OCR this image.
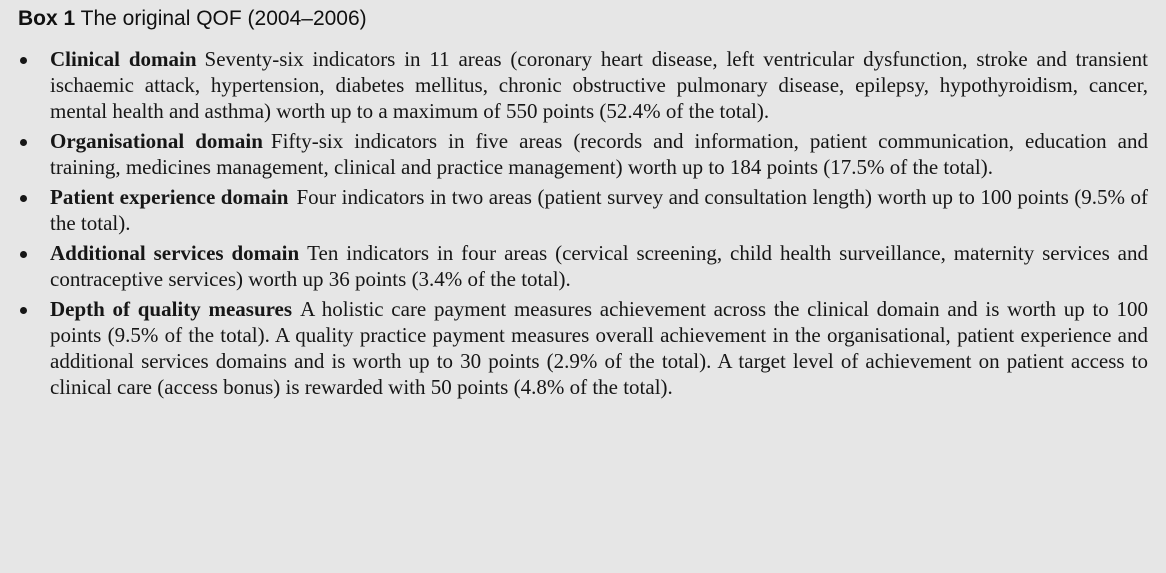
Box 1 The original QOF (2004–2006)
Clinical domain Seventy-six indicators in 11 areas (coronary heart disease, left ventricular dysfunction, stroke and transient ischaemic attack, hypertension, diabetes mellitus, chronic obstructive pulmonary disease, epilepsy, hypothyroidism, cancer, mental health and asthma) worth up to a maximum of 550 points (52.4% of the total).
Organisational domain Fifty-six indicators in five areas (records and information, patient communication, education and training, medicines management, clinical and practice management) worth up to 184 points (17.5% of the total).
Patient experience domain Four indicators in two areas (patient survey and consultation length) worth up to 100 points (9.5% of the total).
Additional services domain Ten indicators in four areas (cervical screening, child health surveillance, maternity services and contraceptive services) worth up 36 points (3.4% of the total).
Depth of quality measures A holistic care payment measures achievement across the clinical domain and is worth up to 100 points (9.5% of the total). A quality practice payment measures overall achievement in the organisational, patient experience and additional services domains and is worth up to 30 points (2.9% of the total). A target level of achievement on patient access to clinical care (access bonus) is rewarded with 50 points (4.8% of the total).
